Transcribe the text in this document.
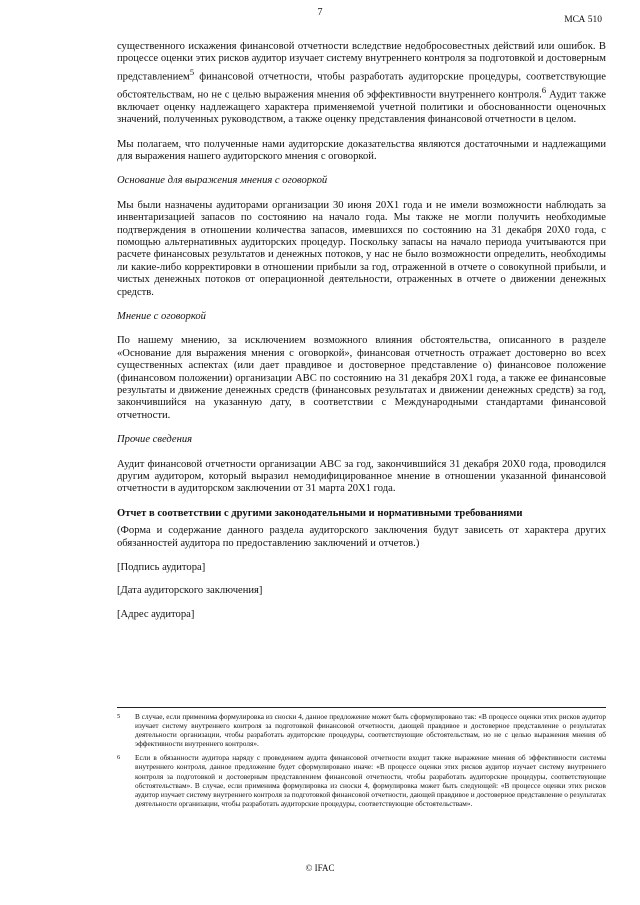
7
МСА 510

существенного искажения финансовой отчетности вследствие недобросовестных действий или ошибок. В процессе оценки этих рисков аудитор изучает систему внутреннего контроля за подготовкой и достоверным представлением$^5$ финансовой отчетности, чтобы разработать аудиторские процедуры, соответствующие обстоятельствам, но не с целью выражения мнения об эффективности внутреннего контроля.$^6$ Аудит также включает оценку надлежащего характера применяемой учетной политики и обоснованности оценочных значений, полученных руководством, а также оценку представления финансовой отчетности в целом.

Мы полагаем, что полученные нами аудиторские доказательства являются достаточными и надлежащими для выражения нашего аудиторского мнения с оговоркой.

Основание для выражения мнения с оговоркой

Мы были назначены аудиторами организации 30 июня 20X1 года и не имели возможности наблюдать за инвентаризацией запасов по состоянию на начало года. Мы также не могли получить необходимые подтверждения в отношении количества запасов, имевшихся по состоянию на 31 декабря 20X0 года, с помощью альтернативных аудиторских процедур. Поскольку запасы на начало периода учитываются при расчете финансовых результатов и денежных потоков, у нас не было возможности определить, необходимы ли какие-либо корректировки в отношении прибыли за год, отраженной в отчете о совокупной прибыли, и чистых денежных потоков от операционной деятельности, отраженных в отчете о движении денежных средств.

Мнение с оговоркой

По нашему мнению, за исключением возможного влияния обстоятельства, описанного в разделе «Основание для выражения мнения с оговоркой», финансовая отчетность отражает достоверно во всех существенных аспектах (или дает правдивое и достоверное представление о) финансовое положение (финансовом положении) организации ABC по состоянию на 31 декабря 20X1 года, а также ее финансовые результаты и движение денежных средств (финансовых результатах и движении денежных средств) за год, закончившийся на указанную дату, в соответствии с Международными стандартами финансовой отчетности.

Прочие сведения

Аудит финансовой отчетности организации ABC за год, закончившийся 31 декабря 20X0 года, проводился другим аудитором, который выразил немодифицированное мнение в отношении указанной финансовой отчетности в аудиторском заключении от 31 марта 20X1 года.

Отчет в соответствии с другими законодательными и нормативными требованиями

(Форма и содержание данного раздела аудиторского заключения будут зависеть от характера других обязанностей аудитора по предоставлению заключений и отчетов.)

[Подпись аудитора]
[Дата аудиторского заключения]
[Адрес аудитора]
5 В случае, если применима формулировка из сноски 4, данное предложение может быть сформулировано так: «В процессе оценки этих рисков аудитор изучает систему внутреннего контроля за подготовкой финансовой отчетности, дающей правдивое и достоверное представление о результатах деятельности организации, чтобы разработать аудиторские процедуры, соответствующие обстоятельствам, но не с целью выражения мнения об эффективности внутреннего контроля».
6 Если в обязанности аудитора наряду с проведением аудита финансовой отчетности входит также выражение мнения об эффективности системы внутреннего контроля, данное предложение будет сформулировано иначе: «В процессе оценки этих рисков аудитор изучает систему внутреннего контроля за подготовкой и достоверным представлением финансовой отчетности, чтобы разработать аудиторские процедуры, соответствующие обстоятельствам». В случае, если применима формулировка из сноски 4, формулировка может быть следующей: «В процессе оценки этих рисков аудитор изучает систему внутреннего контроля за подготовкой финансовой отчетности, дающей правдивое и достоверное представление о результатах деятельности организации, чтобы разработать аудиторские процедуры, соответствующие обстоятельствам».
© IFAC
